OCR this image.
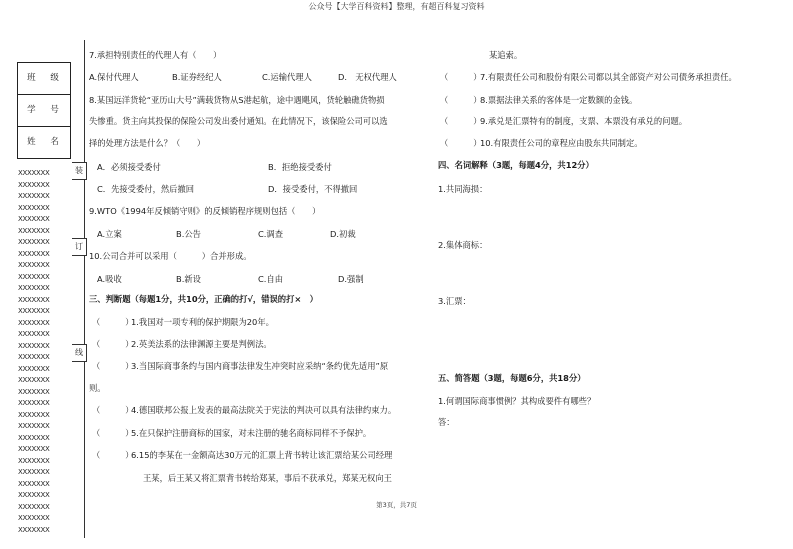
公众号【大学百科资料】整理，有超百科复习资料
第3页，共7页
班 级
学 号
姓 名
XXXXXXX
XXXXXXX
XXXXXXX
XXXXXXX
XXXXXXX
XXXXXXX
XXXXXXX
XXXXXXX
XXXXXXX
XXXXXXX
XXXXXXX
XXXXXXX
XXXXXXX
XXXXXXX
XXXXXXX
XXXXXXX
XXXXXXX
XXXXXXX
XXXXXXX
XXXXXXX
XXXXXXX
XXXXXXX
XXXXXXX
XXXXXXX
XXXXXXX
XXXXXXX
XXXXXXX
XXXXXXX
XXXXXXX
XXXXXXX
XXXXXXX
XXXXXXX
装
订
线
7.承担特别责任的代理人有（　　）
A.保付代理人	B.证券经纪人	C.运输代理人	D.　无权代理人
8.某国远洋货轮“亚历山大号”满载货物从S港起航，途中遇飓风，货轮触礁货物损
失惨重。货主向其投保的保险公司发出委付通知。在此情况下，该保险公司可以选
择的处理方法是什么？（　　）
A．必须接受委付	B．拒绝接受委付
C．先接受委付，然后撤回	D．接受委付，不得撤回
9.WTO《1994年反倾销守则》的反倾销程序规则包括（　　）
A.立案	B.公告	C.调查	D.初裁
10.公司合并可以采用（　　　）合并形成。
A.吸收	B.新设	C.自由	D.强制
三、判断题（每题1分，共10分，正确的打√，错误的打×　）
（　　　）
1.我国对一项专利的保护期限为20年。
（　　　）
2.英美法系的法律渊源主要是判例法。
（　　　）
3.当国际商事条约与国内商事法律发生冲突时应采纳“条约优先适用”原
则。
（　　　）
4.德国联邦公报上发表的最高法院关于宪法的判决可以具有法律约束力。
（　　　）
5.在只保护注册商标的国家，对未注册的驰名商标同样不予保护。
（　　　）
6.15的李某在一金额高达30万元的汇票上背书转让该汇票给某公司经理
王某，后王某又将汇票背书转给郑某，事后不获承兑，郑某无权向王
某追索。
（　　　）
7.有限责任公司和股份有限公司都以其全部资产对公司债务承担责任。
（　　　）
8.票据法律关系的客体是一定数额的金钱。
（　　　）
9.承兑是汇票特有的制度，支票、本票没有承兑的问题。
（　　　）
10.有限责任公司的章程应由股东共同制定。
四、名词解释（3题，每题4分，共12分）
1.共同海损：
2.集体商标：
3.汇票：
五、简答题（3题，每题6分，共18分）
1.何谓国际商事惯例？其构成要件有哪些？
答：
